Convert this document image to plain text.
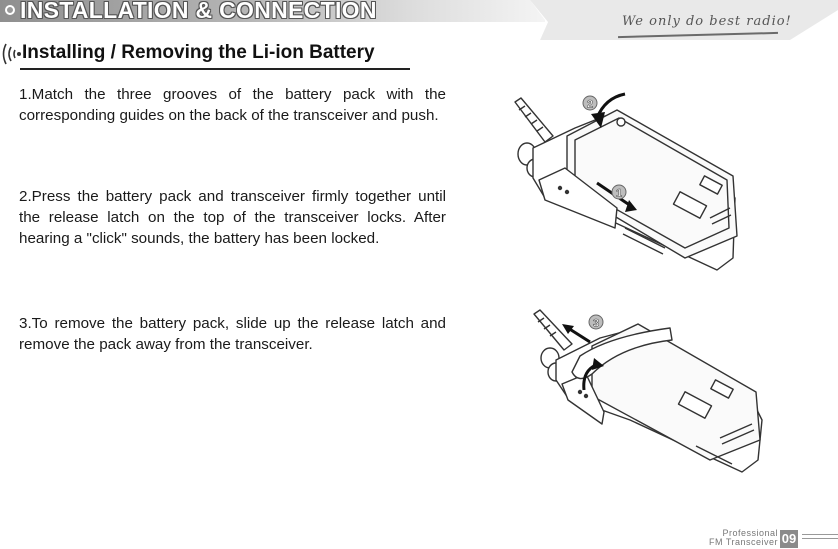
INSTALLATION & CONNECTION	We only do best radio!
Installing / Removing the Li-ion Battery
1.Match the three grooves of the battery pack with the corresponding guides on the back of the transceiver and push.
2.Press the battery pack and transceiver firmly together until the release latch on the top of the transceiver locks. After hearing a "click" sounds, the battery has been locked.
3.To remove the battery pack, slide up the release latch and remove the pack away from the transceiver.
2
1
3
Professional
FM Transceiver 09
